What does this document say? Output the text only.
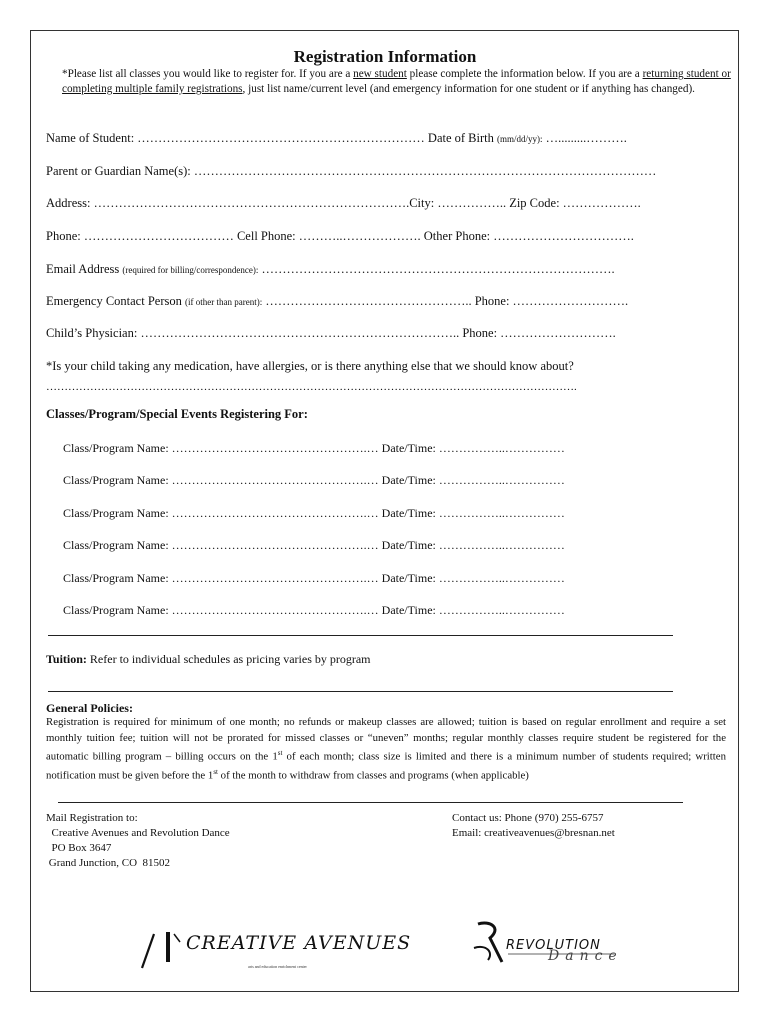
Registration Information
*Please list all classes you would like to register for. If you are a new student please complete the information below. If you are a returning student or completing multiple family registrations, just list name/current level (and emergency information for one student or if anything has changed).
Name of Student: …………………………………………………………… Date of Birth (mm/dd/yy): ….........……….
Parent or Guardian Name(s): …………………………………………………………………………………………………
Address: ………………………………………………………………….City: …………….. Zip Code: ……………….
Phone: ……………………………… Cell Phone: ………..………………. Other Phone: …………………………….
Email Address (required for billing/correspondence): ………………………………………………………………………….
Emergency Contact Person (if other than parent): ………………………………………….. Phone: ……………………….
Child’s Physician: ………………………………………………………………….. Phone: ……………………….
*Is your child taking any medication, have allergies, or is there anything else that we should know about?
……………………………………………………………………………………………………………………………….
Classes/Program/Special Events Registering For:
Class/Program Name: ………………………………………….… Date/Time: ……………..……………
Class/Program Name: ………………………………………….… Date/Time: ……………..……………
Class/Program Name: ………………………………………….… Date/Time: ……………..……………
Class/Program Name: ………………………………………….… Date/Time: ……………..……………
Class/Program Name: ………………………………………….… Date/Time: ……………..……………
Class/Program Name: ………………………………………….… Date/Time: ……………..……………
Tuition: Refer to individual schedules as pricing varies by program
General Policies:
Registration is required for minimum of one month; no refunds or makeup classes are allowed; tuition is based on regular enrollment and require a set monthly tuition fee; tuition will not be prorated for missed classes or “uneven” months; regular monthly classes require student be registered for the automatic billing program – billing occurs on the 1st of each month; class size is limited and there is a minimum number of students required; written notification must be given before the 1st of the month to withdraw from classes and programs (when applicable)
Mail Registration to:
Creative Avenues and Revolution Dance
PO Box 3647
Grand Junction, CO  81502
Contact us: Phone (970) 255-6757
Email: creativeavenues@bresnan.net
CREATIVE AVENUES
arts and education enrichment center
REVOLUTION
Dance
